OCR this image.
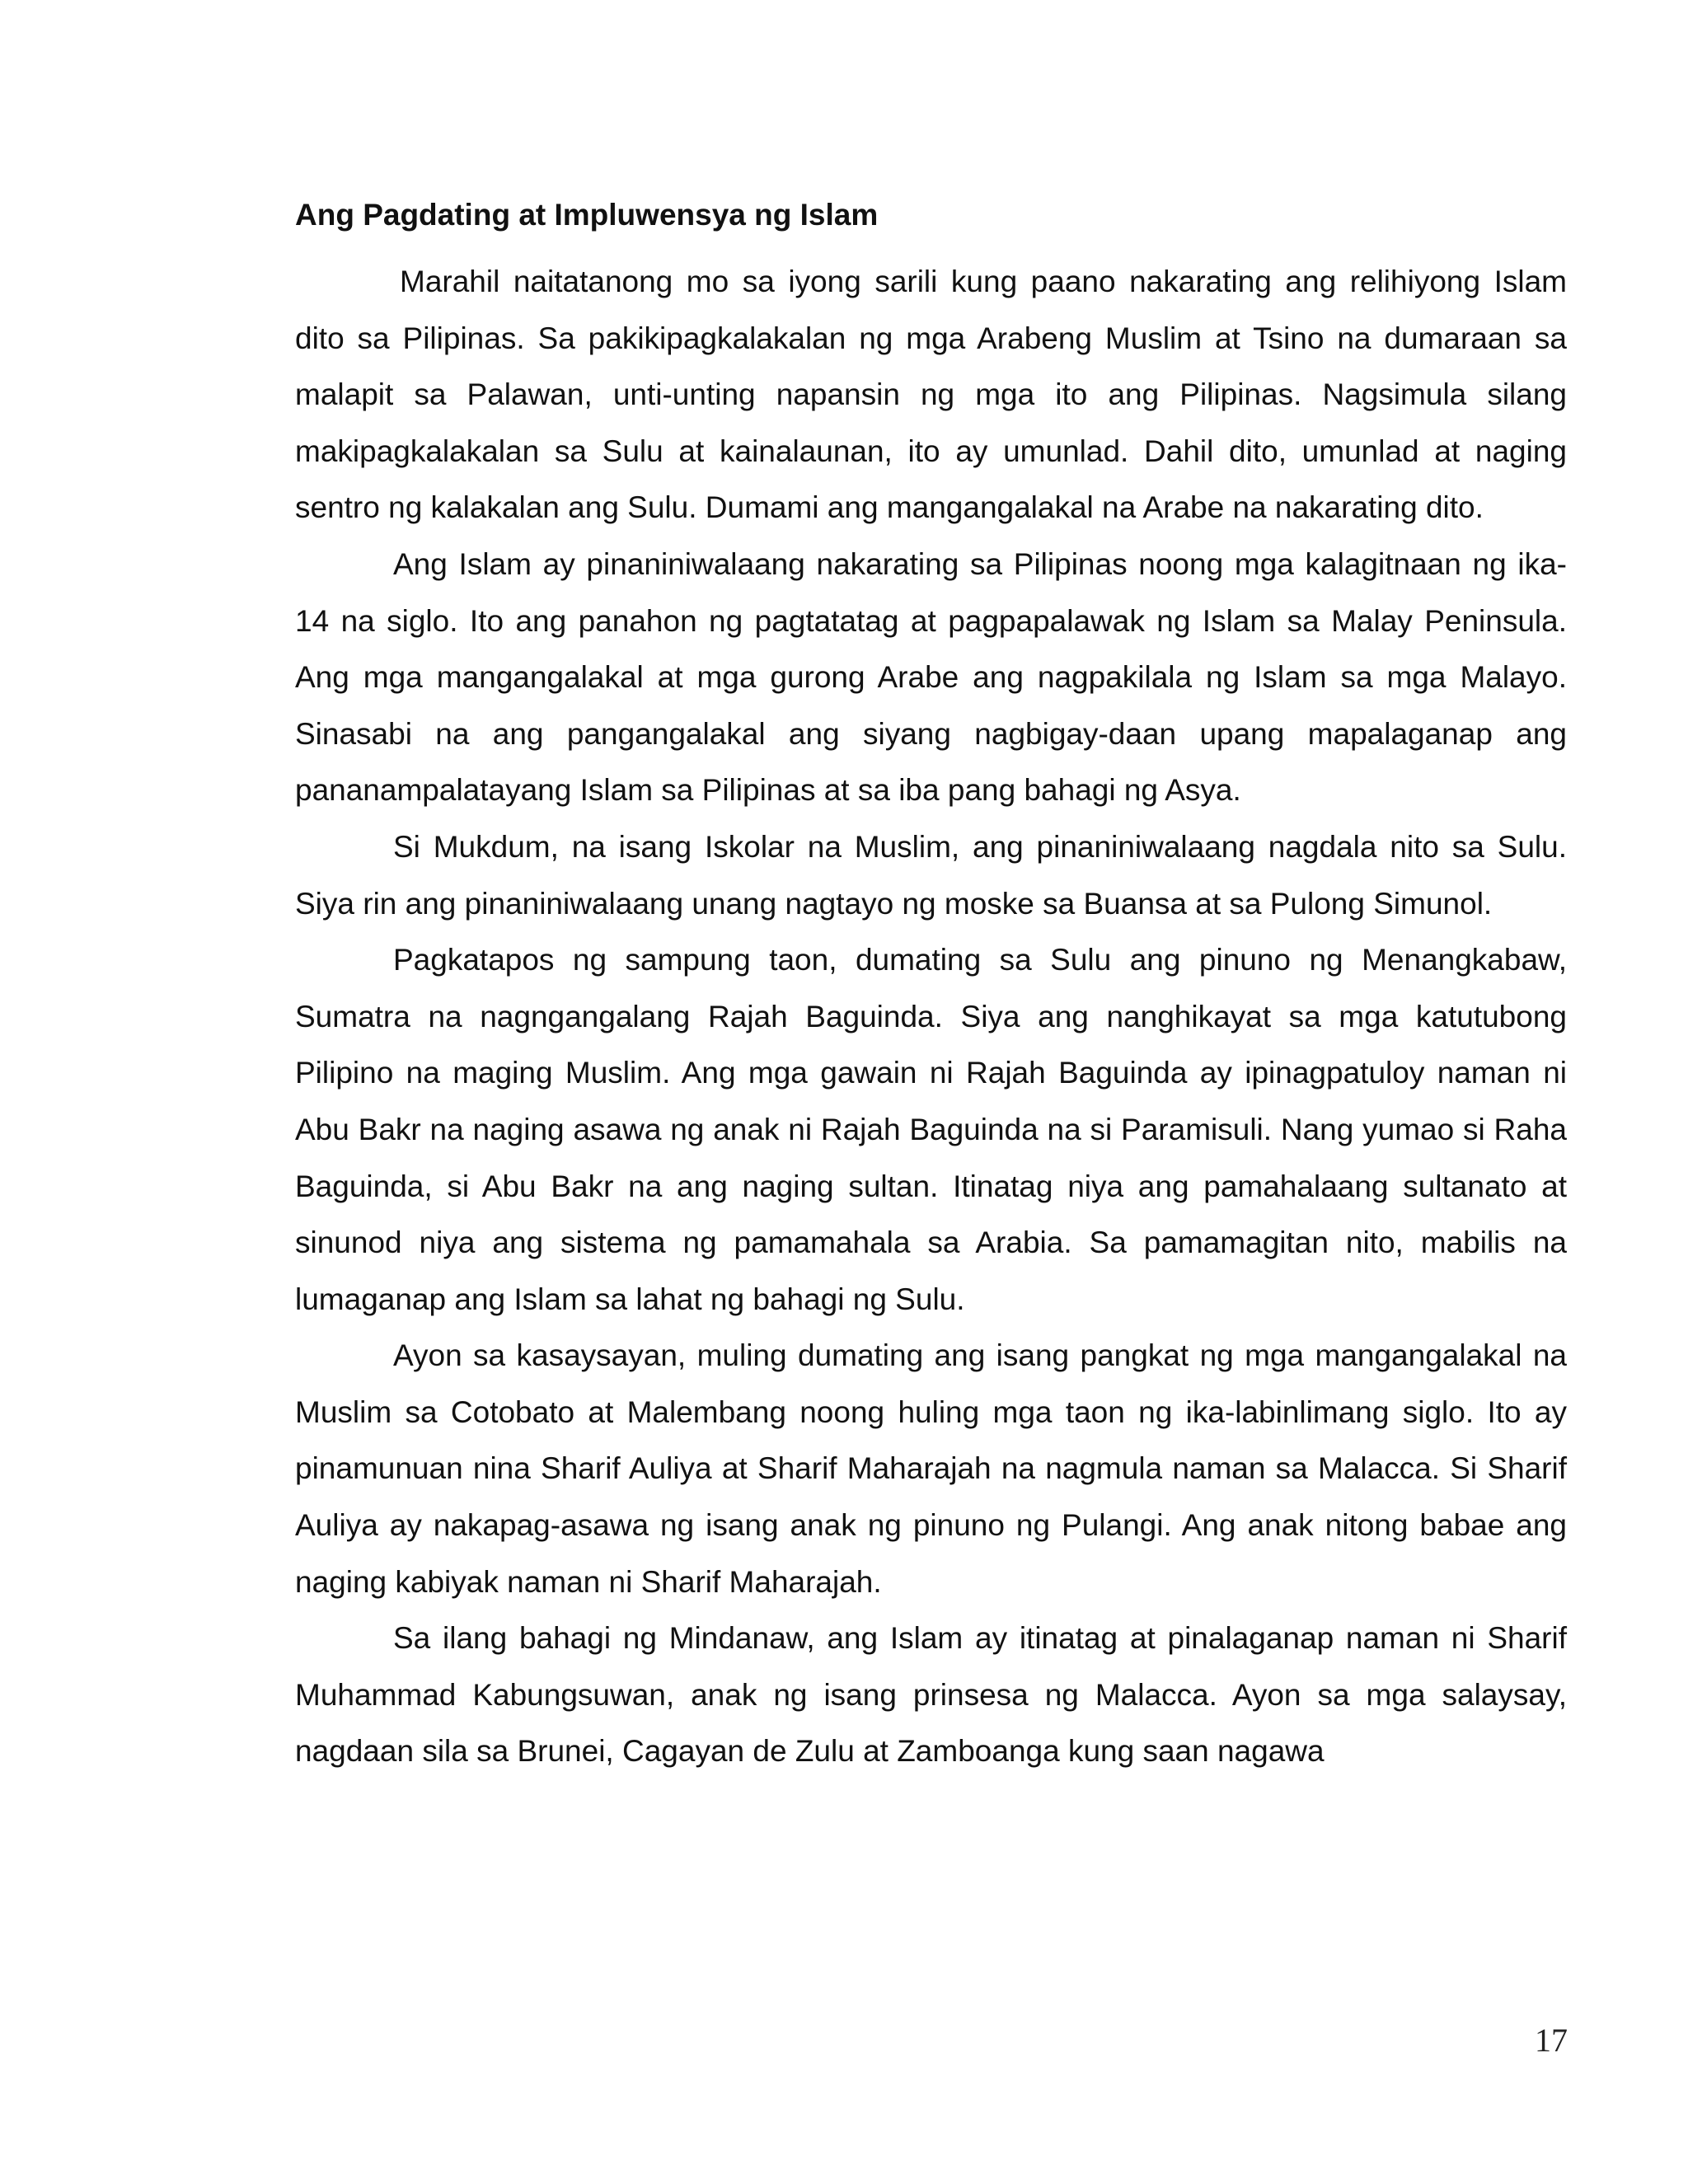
Ang Pagdating at Impluwensya ng Islam

Marahil naitatanong mo sa iyong sarili kung paano nakarating ang relihiyong Islam dito sa Pilipinas. Sa pakikipagkalakalan ng mga Arabeng Muslim at Tsino na dumaraan sa malapit sa Palawan, unti-unting napansin ng mga ito ang Pilipinas. Nagsimula silang makipagkalakalan sa Sulu at kainalaunan, ito ay umunlad. Dahil dito, umunlad at naging sentro ng kalakalan ang Sulu. Dumami ang mangangalakal na Arabe na nakarating dito.

Ang Islam ay pinaniniwalaang nakarating sa Pilipinas noong mga kalagitnaan ng ika-14 na siglo. Ito ang panahon ng pagtatatag at pagpapalawak ng Islam sa Malay Peninsula. Ang mga mangangalakal at mga gurong Arabe ang nagpakilala ng Islam sa mga Malayo. Sinasabi na ang pangangalakal ang siyang nagbigay-daan upang mapalaganap ang pananampalatayang Islam sa Pilipinas at sa iba pang bahagi ng Asya.

Si Mukdum, na isang Iskolar na Muslim, ang pinaniniwalaang nagdala nito sa Sulu. Siya rin ang pinaniniwalaang unang nagtayo ng moske sa Buansa at sa Pulong Simunol.

Pagkatapos ng sampung taon, dumating sa Sulu ang pinuno ng Menangkabaw, Sumatra na nagngangalang Rajah Baguinda. Siya ang nanghikayat sa mga katutubong Pilipino na maging Muslim. Ang mga gawain ni Rajah Baguinda ay ipinagpatuloy naman ni Abu Bakr na naging asawa ng anak ni Rajah Baguinda na si Paramisuli. Nang yumao si Raha Baguinda, si Abu Bakr na ang naging sultan. Itinatag niya ang pamahalaang sultanato at sinunod niya ang sistema ng pamamahala sa Arabia. Sa pamamagitan nito, mabilis na lumaganap ang Islam sa lahat ng bahagi ng Sulu.

Ayon sa kasaysayan, muling dumating ang isang pangkat ng mga mangangalakal na Muslim sa Cotobato at Malembang noong huling mga taon ng ika-labinlimang siglo. Ito ay pinamunuan nina Sharif Auliya at Sharif Maharajah na nagmula naman sa Malacca. Si Sharif Auliya ay nakapag-asawa ng isang anak ng pinuno ng Pulangi. Ang anak nitong babae ang naging kabiyak naman ni Sharif Maharajah.

Sa ilang bahagi ng Mindanaw, ang Islam ay itinatag at pinalaganap naman ni Sharif Muhammad Kabungsuwan, anak ng isang prinsesa ng Malacca. Ayon sa mga salaysay, nagdaan sila sa Brunei, Cagayan de Zulu at Zamboanga kung saan nagawa

17
